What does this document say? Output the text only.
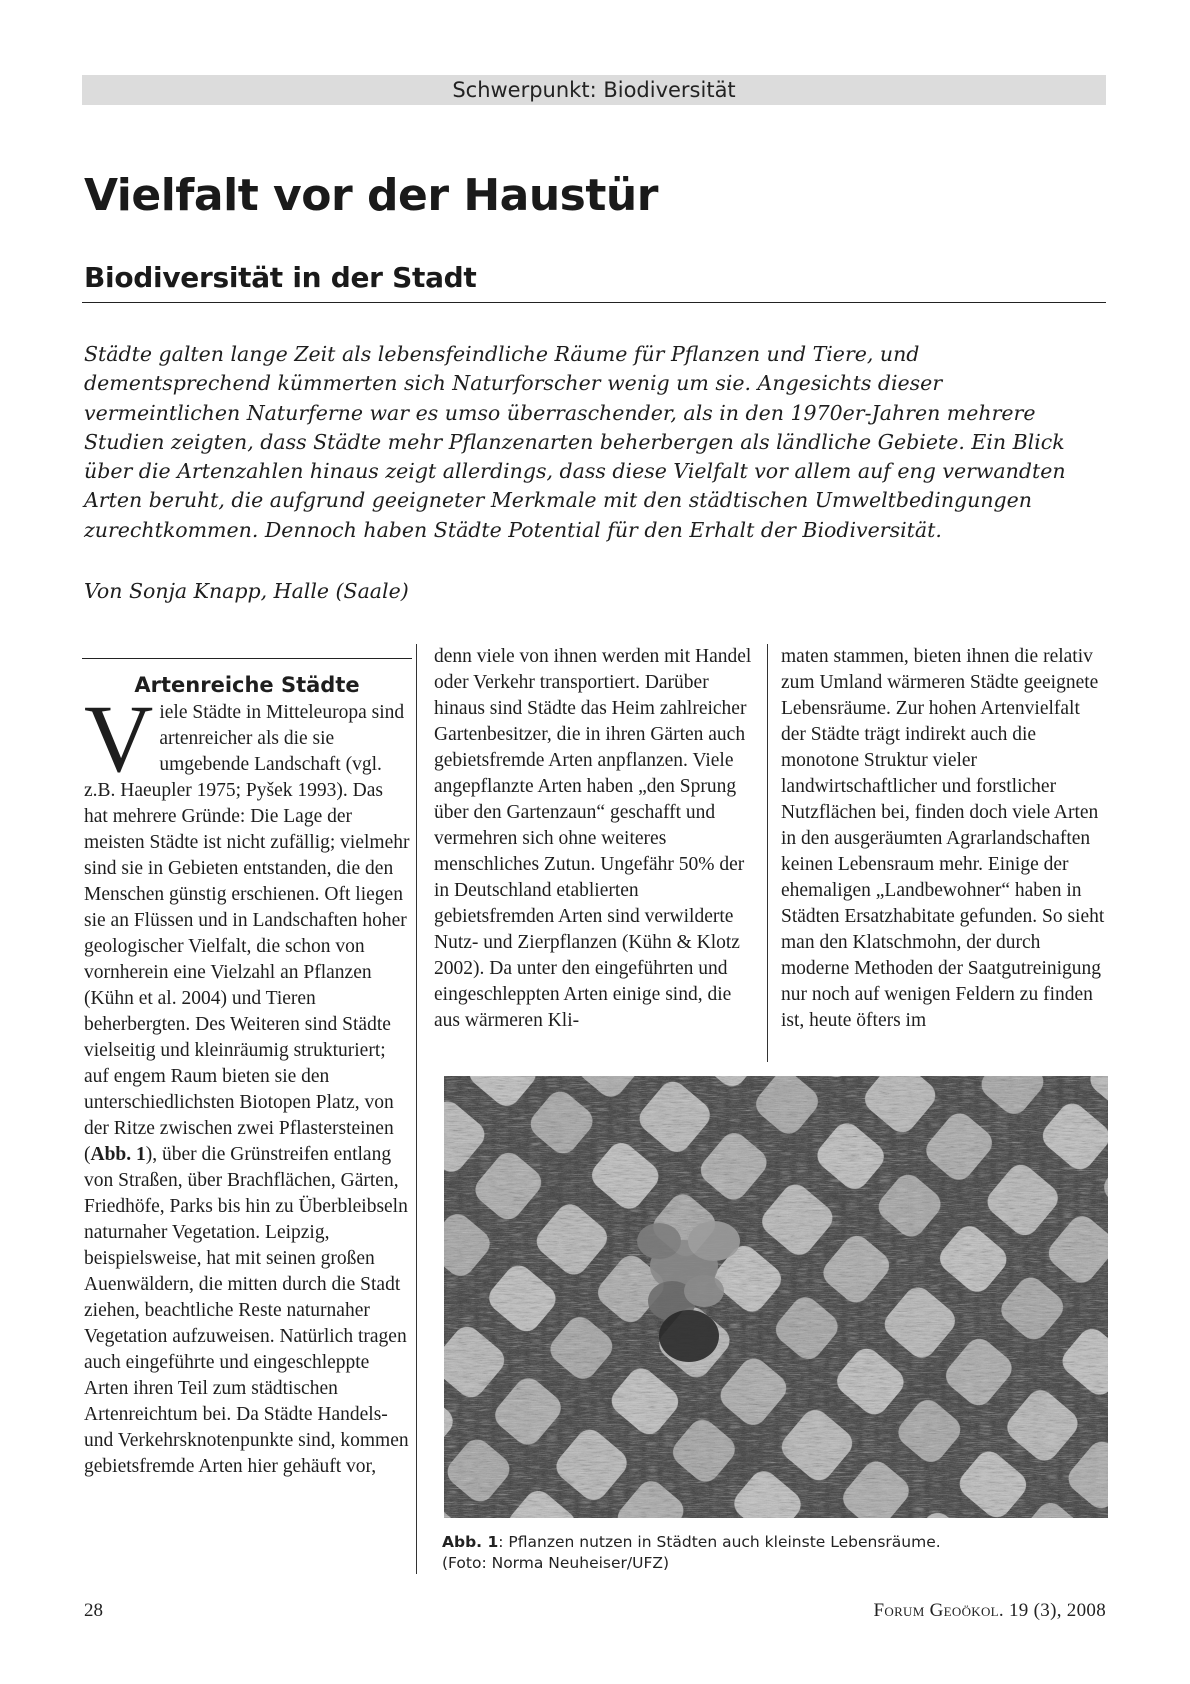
Schwerpunkt: Biodiversität
Vielfalt vor der Haustür
Biodiversität in der Stadt

Städte galten lange Zeit als lebensfeindliche Räume für Pflanzen und Tiere, und dementsprechend kümmerten sich Naturforscher wenig um sie. Angesichts dieser vermeintlichen Naturferne war es umso überraschender, als in den 1970er-Jahren mehrere Studien zeigten, dass Städte mehr Pflanzenarten beherbergen als ländliche Gebiete. Ein Blick über die Artenzahlen hinaus zeigt allerdings, dass diese Vielfalt vor allem auf eng verwandten Arten beruht, die aufgrund geeigneter Merkmale mit den städtischen Umweltbedingungen zurechtkommen. Dennoch haben Städte Potential für den Erhalt der Biodiversität.

Von Sonja Knapp, Halle (Saale)

Artenreiche Städte

Viele Städte in Mitteleuropa sind artenreicher als die sie umgebende Landschaft (vgl. z.B. Haeupler 1975; Pyšek 1993). Das hat mehrere Gründe: Die Lage der meisten Städte ist nicht zufällig; vielmehr sind sie in Gebieten entstanden, die den Menschen günstig erschienen. Oft liegen sie an Flüssen und in Landschaften hoher geologischer Vielfalt, die schon von vornherein eine Vielzahl an Pflanzen (Kühn et al. 2004) und Tieren beherbergten. Des Weiteren sind Städte vielseitig und kleinräumig strukturiert; auf engem Raum bieten sie den unterschiedlichsten Biotopen Platz, von der Ritze zwischen zwei Pflastersteinen (Abb. 1), über die Grünstreifen entlang von Straßen, über Brachflächen, Gärten, Friedhöfe, Parks bis hin zu Überbleibseln naturnaher Vegetation. Leipzig, beispielsweise, hat mit seinen großen Auenwäldern, die mitten durch die Stadt ziehen, beachtliche Reste naturnaher Vegetation aufzuweisen. Natürlich tragen auch eingeführte und eingeschleppte Arten ihren Teil zum städtischen Artenreichtum bei. Da Städte Handels- und Verkehrsknotenpunkte sind, kommen gebietsfremde Arten hier gehäuft vor,

denn viele von ihnen werden mit Handel oder Verkehr transportiert. Darüber hinaus sind Städte das Heim zahlreicher Gartenbesitzer, die in ihren Gärten auch gebietsfremde Arten anpflanzen. Viele angepflanzte Arten haben „den Sprung über den Gartenzaun“ geschafft und vermehren sich ohne weiteres menschliches Zutun. Ungefähr 50% der in Deutschland etablierten gebietsfremden Arten sind verwilderte Nutz- und Zierpflanzen (Kühn & Klotz 2002). Da unter den eingeführten und eingeschleppten Arten einige sind, die aus wärmeren Kli-

maten stammen, bieten ihnen die relativ zum Umland wärmeren Städte geeignete Lebensräume. Zur hohen Artenvielfalt der Städte trägt indirekt auch die monotone Struktur vieler landwirtschaftlicher und forstlicher Nutzflächen bei, finden doch viele Arten in den ausgeräumten Agrarlandschaften keinen Lebensraum mehr. Einige der ehemaligen „Landbewohner“ haben in Städten Ersatzhabitate gefunden. So sieht man den Klatschmohn, der durch moderne Methoden der Saatgutreinigung nur noch auf wenigen Feldern zu finden ist, heute öfters im

Abb. 1: Pflanzen nutzen in Städten auch kleinste Lebensräume.
(Foto: Norma Neuheiser/UFZ)
28	Forum Geoökol. 19 (3), 2008
